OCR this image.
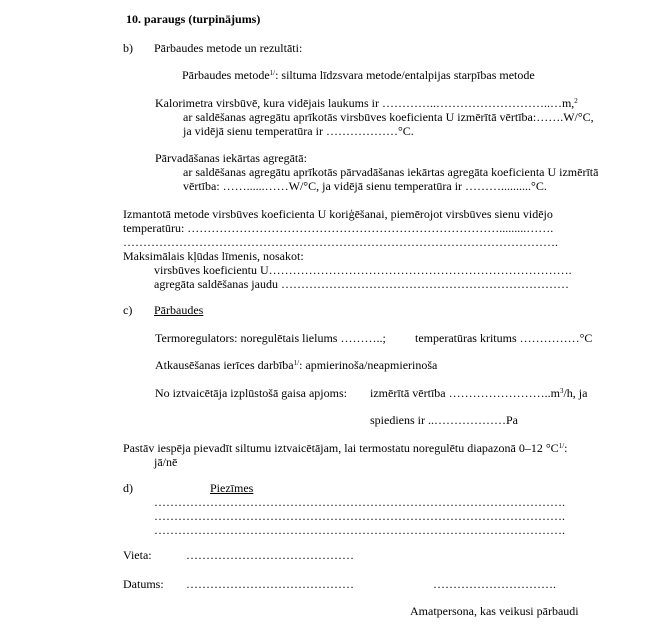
10. paraugs (turpinājums)
b) Pārbaudes metode un rezultāti:
Pārbaudes metode$^{1/}$: siltuma līdzsvara metode/entalpijas starpības metode
Kalorimetra virsbūvē, kura vidējais laukums ir …………..………………………..…m,$^2$
ar saldēšanas agregātu aprīkotās virsbūves koeficienta U izmērītā vērtība:…….W/°C,
ja vidējā sienu temperatūra ir ………………°C.
Pārvadāšanas iekārtas agregātā:
ar saldēšanas agregātu aprīkotās pārvadāšanas iekārtas agregāta koeficienta U izmērītā
vērtība: ……......……W/°C, ja vidējā sienu temperatūra ir ………..........°C.
Izmantotā metode virsbūves koeficienta U koriģēšanai, piemērojot virsbūves sienu vidējo
temperatūru: …………………………………………………………………….........…….
……………………………………………………………………………………………….
Maksimālais kļūdas līmenis, nosakot:
virsbūves koeficientu U………………………………………………………………….
agregāta saldēšanas jaudu ………………………………………………………………
c) Pārbaudes
Termoregulators: noregulētais lielums ………..; temperatūras kritums ……………°C
Atkausēšanas ierīces darbība$^{1/}$: apmierinoša/neapmierinoša
No iztvaicētāja izplūstošā gaisa apjoms: izmērītā vērtība $\dots\dots\dots\dots\dots\dots\dots\dots..m^3/h$, ja
spiediens ir ..………………Pa
Pastāv iespēja pievadīt siltumu iztvaicētājam, lai termostatu noregulētu diapazonā 0–12 $^\circ C^{1/}$:
jā/nē
d)	Piezīmes
………………………………………………………………………………………….
………………………………………………………………………………………….
………………………………………………………………………………………….
Vieta:	……………………………………
Datums: ……………………………………	………………………….
Amatpersona, kas veikusi pārbaudi
